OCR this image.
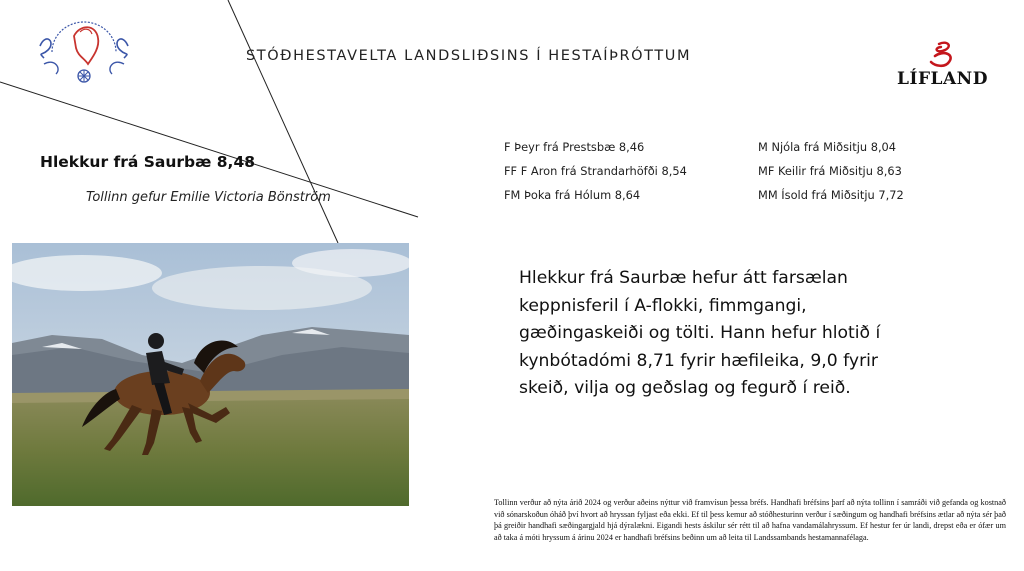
STÓÐHESTAVELTA LANDSLIÐSINS Í HESTAÍÞRÓTTUM
LÍFLAND
Hlekkur frá Saurbæ 8,48
Tollinn gefur Emilie Victoria Bönström
F Þeyr frá Prestsbæ 8,46
FF F Aron frá Strandarhöfði 8,54
FM Þoka frá Hólum 8,64
M Njóla frá Miðsitju 8,04
MF Keilir frá Miðsitju 8,63
MM Ísold frá Miðsitju 7,72
Hlekkur frá Saurbæ hefur átt farsælan keppnisferil í A-flokki, fimmgangi, gæðingaskeiði og tölti. Hann hefur hlotið í kynbótadómi 8,71 fyrir hæfileika, 9,0 fyrir skeið, vilja og geðslag og fegurð í reið.
Tollinn verður að nýta árið 2024 og verður aðeins nýttur við framvísun þessa bréfs. Handhafi bréfsins þarf að nýta tollinn í samráði við gefanda og kostnað við sónarskoðun óháð því hvort að hryssan fyljast eða ekki. Ef til þess kemur að stóðhesturinn verður í sæðingum og handhafi bréfsins ætlar að nýta sér það þá greiðir handhafi sæðingargjald hjá dýralækni. Eigandi hests áskilur sér rétt til að hafna vandamálahryssum. Ef hestur fer úr landi, drepst eða er ófær um að taka á móti hryssum á árinu 2024 er handhafi bréfsins beðinn um að leita til Landssambands hestamannafélaga.
